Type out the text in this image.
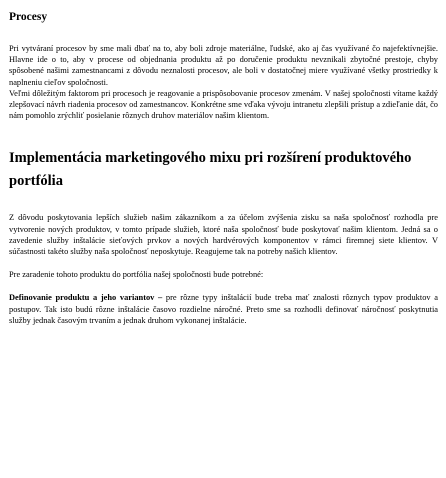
Procesy

Pri vytváraní procesov by sme mali dbať na to, aby boli zdroje materiálne, ľudské, ako aj čas využívané čo najefektívnejšie. Hlavne ide o to, aby v procese od objednania produktu až po doručenie produktu nevznikali zbytočné prestoje, chyby spôsobené našimi zamestnancami z dôvodu neznalosti procesov, ale boli v dostatočnej miere využívané všetky prostriedky k naplneniu cieľov spoločnosti.

Veľmi dôležitým faktorom pri procesoch je reagovanie a prispôsobovanie procesov zmenám. V našej spoločnosti vítame každý zlepšovací návrh riadenia procesov od zamestnancov. Konkrétne sme vďaka vývoju intranetu zlepšili prístup a zdieľanie dát, čo nám pomohlo zrýchliť posielanie rôznych druhov materiálov našim klientom.

Implementácia marketingového mixu pri rozšírení produktového portfólia

Z dôvodu poskytovania lepších služieb našim zákazníkom a za účelom zvýšenia zisku sa naša spoločnosť rozhodla pre vytvorenie nových produktov, v tomto prípade služieb, ktoré naša spoločnosť bude poskytovať našim klientom. Jedná sa o zavedenie služby inštalácie sieťových prvkov a nových hardvérových komponentov v rámci firemnej siete klientov. V súčastnosti takéto služby naša spoločnosť neposkytuje. Reagujeme tak na potreby našich klientov.

Pre zaradenie tohoto produktu do portfólia našej spoločnosti bude potrebné:

Definovanie produktu a jeho variantov – pre rôzne typy inštalácií bude treba mať znalosti rôznych typov produktov a postupov. Tak isto budú rôzne inštalácie časovo rozdielne náročné. Preto sme sa rozhodli definovať náročnosť poskytnutia služby jednak časovým trvaním a jednak druhom vykonanej inštalácie.
